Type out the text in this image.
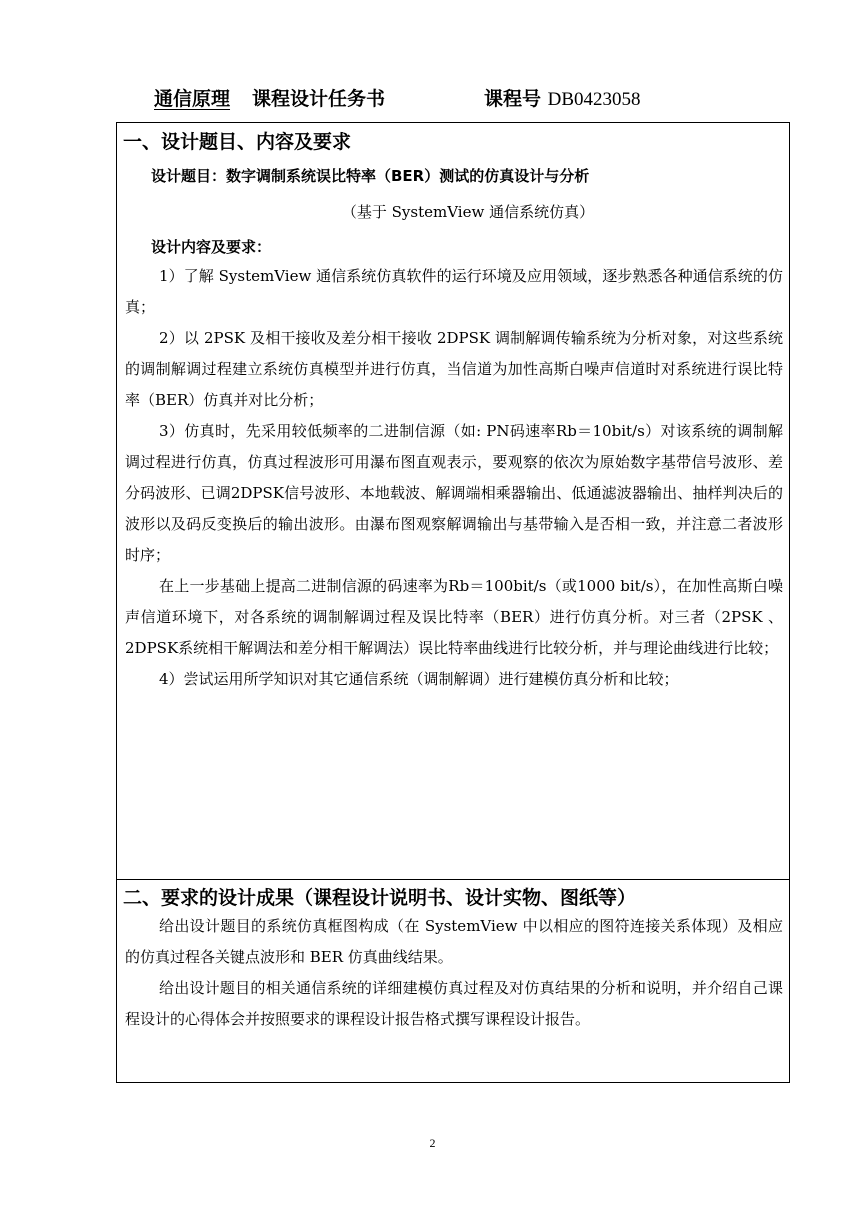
通信原理 课程设计任务书	课程号 DB0423058
一、设计题目、内容及要求
设计题目：数字调制系统误比特率（BER）测试的仿真设计与分析
（基于 SystemView 通信系统仿真）
设计内容及要求：

1）了解 SystemView 通信系统仿真软件的运行环境及应用领域，逐步熟悉各种通信系统的仿真；

2）以 2PSK 及相干接收及差分相干接收 2DPSK 调制解调传输系统为分析对象，对这些系统的调制解调过程建立系统仿真模型并进行仿真，当信道为加性高斯白噪声信道时对系统进行误比特率（BER）仿真并对比分析；

3）仿真时，先采用较低频率的二进制信源（如: PN码速率Rb＝10bit/s）对该系统的调制解调过程进行仿真，仿真过程波形可用瀑布图直观表示，要观察的依次为原始数字基带信号波形、差分码波形、已调2DPSK信号波形、本地载波、解调端相乘器输出、低通滤波器输出、抽样判决后的波形以及码反变换后的输出波形。由瀑布图观察解调输出与基带输入是否相一致，并注意二者波形时序；

在上一步基础上提高二进制信源的码速率为Rb＝100bit/s（或1000 bit/s），在加性高斯白噪声信道环境下，对各系统的调制解调过程及误比特率（BER）进行仿真分析。对三者（2PSK 、2DPSK系统相干解调法和差分相干解调法）误比特率曲线进行比较分析，并与理论曲线进行比较；

4）尝试运用所学知识对其它通信系统（调制解调）进行建模仿真分析和比较；

二、要求的设计成果（课程设计说明书、设计实物、图纸等）

给出设计题目的系统仿真框图构成（在 SystemView 中以相应的图符连接关系体现）及相应的仿真过程各关键点波形和 BER 仿真曲线结果。

给出设计题目的相关通信系统的详细建模仿真过程及对仿真结果的分析和说明，并介绍自己课程设计的心得体会并按照要求的课程设计报告格式撰写课程设计报告。

2
